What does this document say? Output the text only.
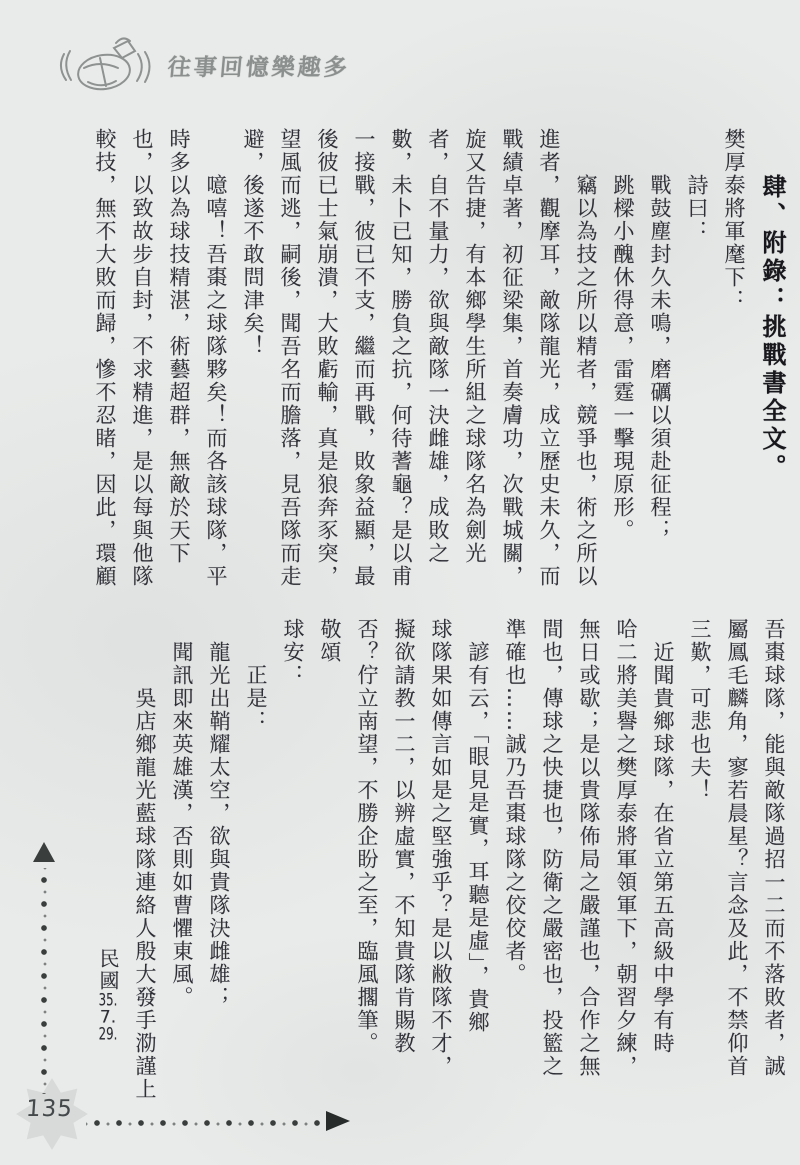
往事回憶樂趣多
肆、附錄：挑戰書全文。
樊厚泰將軍麾下：
詩曰：
戰鼓塵封久未鳴，磨礪以須赴征程；
跳樑小醜休得意，雷霆一擊現原形。
竊以為技之所以精者，競爭也，術之所以
進者，觀摩耳，敵隊龍光，成立歷史未久，而
戰績卓著，初征梁集，首奏膚功，次戰城關，
旋又告捷，有本鄉學生所組之球隊名為劍光
者，自不量力，欲與敵隊一決雌雄，成敗之
數，未卜已知，勝負之抗，何待蓍龜？是以甫
一接戰，彼已不支，繼而再戰，敗象益顯，最
後彼已士氣崩潰，大敗虧輸，真是狼奔豕突，
望風而逃，嗣後，聞吾名而膽落，見吾隊而走
避，後遂不敢問津矣！
噫嘻！吾棗之球隊夥矣！而各該球隊，平
時多以為球技精湛，術藝超群，無敵於天下
也，以致故步自封，不求精進，是以每與他隊
較技，無不大敗而歸，慘不忍睹，因此，環顧
吾棗球隊，能與敵隊過招一二而不落敗者，誠
屬鳳毛麟角，寥若晨星？言念及此，不禁仰首
三歎，可悲也夫！
近聞貴鄉球隊，在省立第五高級中學有時
哈二將美譽之樊厚泰將軍領軍下，朝習夕練，
無日或歇；是以貴隊佈局之嚴謹也，合作之無
間也，傳球之快捷也，防衛之嚴密也，投籃之
準確也……誠乃吾棗球隊之佼佼者。
諺有云，「眼見是實，耳聽是虛」，貴鄉
球隊果如傳言如是之堅強乎？是以敝隊不才，
擬欲請教一二，以辨虛實，不知貴隊肯賜教
否？佇立南望，不勝企盼之至，臨風擱筆。
敬頌
球安：
正是：
龍光出鞘耀太空，欲與貴隊決雌雄；
聞訊即來英雄漢，否則如曹懼東風。
吳店鄉龍光藍球隊連絡人殷大發手泐謹上
民國35.7.29.
135
